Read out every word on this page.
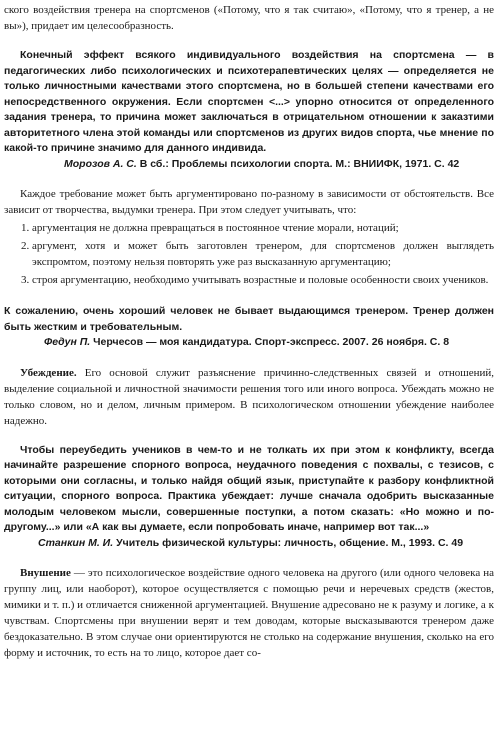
ского воздействия тренера на спортсменов («Потому, что я так считаю», «Потому, что я тренер, а не вы»), придает им целесообразность.

Конечный эффект всякого индивидуального воздействия на спортсмена — в педагогических либо психологических и психотерапевтических целях — определяется не только личностными качествами этого спортсмена, но в большей степени качествами его непосредственного окружения. Если спортсмен <...> упорно относится от определенного задания тренера, то причина может заключаться в отрицательном отношении к заказтими авторитетного члена этой команды или спортсменов из других видов спорта, чье мнение по какой-то причине значимо для данного индивида.

Морозов А. С. В сб.: Проблемы психологии спорта. М.: ВНИИФК, 1971. С. 42

Каждое требование может быть аргументировано по-разному в зависимости от обстоятельств. Все зависит от творчества, выдумки тренера. При этом следует учитывать, что:

1. аргументация не должна превращаться в постоянное чтение морали, нотаций;
2. аргумент, хотя и может быть заготовлен тренером, для спортсменов должен выглядеть экспромтом, поэтому нельзя повторять уже раз высказанную аргументацию;
3. строя аргументацию, необходимо учитывать возрастные и половые особенности своих учеников.

К сожалению, очень хороший человек не бывает выдающимся тренером. Тренер должен быть жестким и требовательным.

Федун П. Черчесов — моя кандидатура. Спорт-экспресс. 2007. 26 ноября. С. 8

Убеждение. Его основой служит разъяснение причинно-следственных связей и отношений, выделение социальной и личностной значимости решения того или иного вопроса. Убеждать можно не только словом, но и делом, личным примером. В психологическом отношении убеждение наиболее надежно.

Чтобы переубедить учеников в чем-то и не толкать их при этом к конфликту, всегда начинайте разрешение спорного вопроса, неудачного поведения с похвалы, с тезисов, с которыми они согласны, и только найдя общий язык, приступайте к разбору конфликтной ситуации, спорного вопроса. Практика убеждает: лучше сначала одобрить высказанные молодым человеком мысли, совершенные поступки, а потом сказать: «Но можно и по-другому...» или «А как вы думаете, если попробовать иначе, например вот так...»

Станкин М. И. Учитель физической культуры: личность, общение. М., 1993. С. 49

Внушение — это психологическое воздействие одного человека на другого (или одного человека на группу лиц, или наоборот), которое осуществляется с помощью речи и неречевых средств (жестов, мимики и т. п.) и отличается сниженной аргументацией. Внушение адресовано не к разуму и логике, а к чувствам. Спортсмены при внушении верят и тем доводам, которые высказываются тренером даже бездоказательно. В этом случае они ориентируются не столько на содержание внушения, сколько на его форму и источник, то есть на то лицо, которое дает со-
